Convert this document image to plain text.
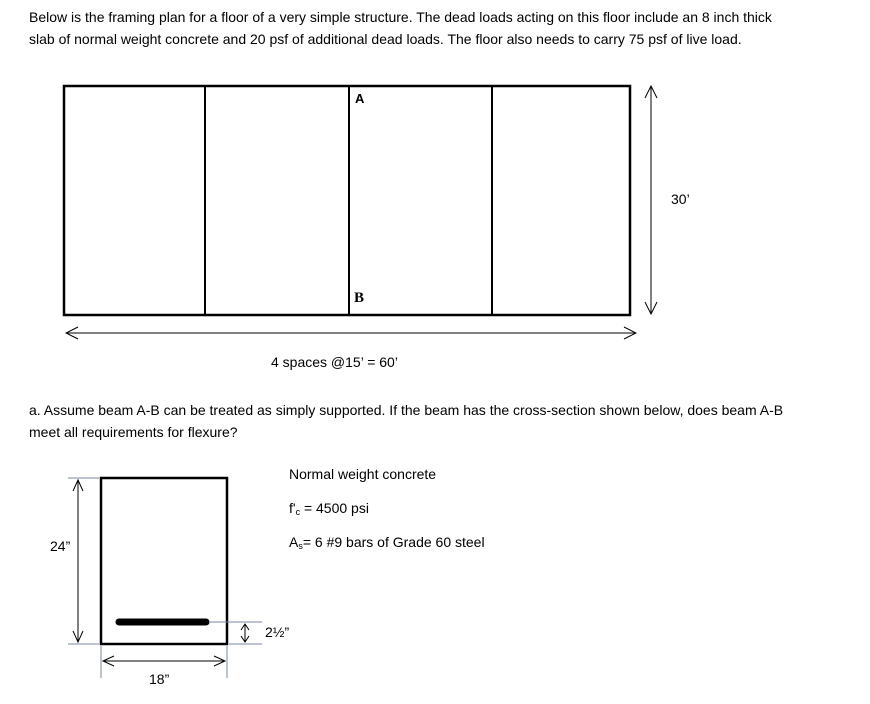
Below is the framing plan for a floor of a very simple structure. The dead loads acting on this floor include an 8 inch thick
slab of normal weight concrete and 20 psf of additional dead loads. The floor also needs to carry 75 psf of live load.
A
B
30’
4 spaces @15’ = 60’
a. Assume beam A-B can be treated as simply supported. If the beam has the cross-section shown below, does beam A-B
meet all requirements for flexure?
24”
18”
2½”
Normal weight concrete
$f'_c = 4500$ psi
$A_s= 6$ #9 bars of Grade 60 steel
